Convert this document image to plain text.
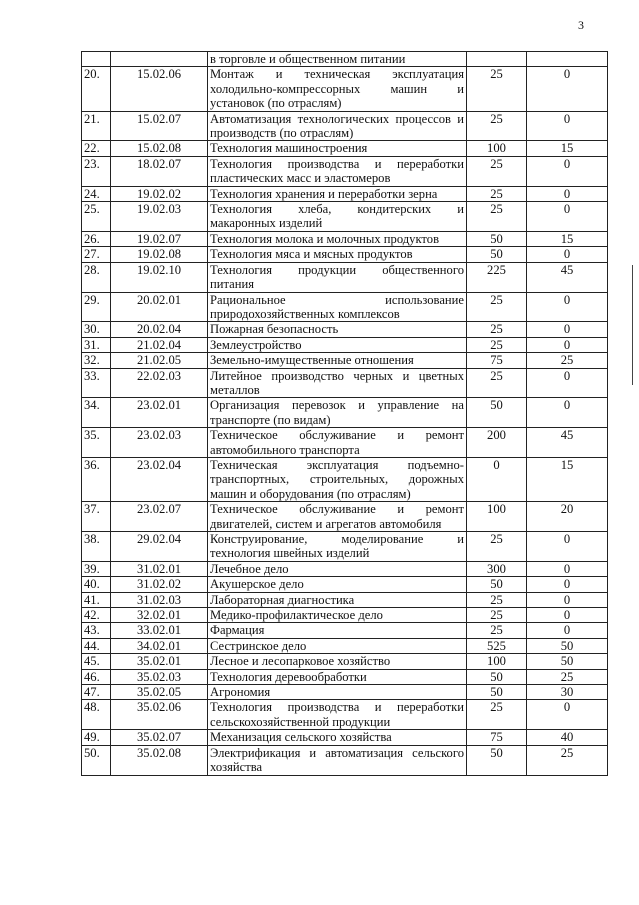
3
		в торговле и общественном питании		
20.	15.02.06	Монтаж и техническая эксплуатация холодильно-компрессорных машин и установок (по отраслям)	25	0
21.	15.02.07	Автоматизация технологических процессов и производств (по отраслям)	25	0
22.	15.02.08	Технология машиностроения	100	15
23.	18.02.07	Технология производства и переработки пластических масс и эластомеров	25	0
24.	19.02.02	Технология хранения и переработки зерна	25	0
25.	19.02.03	Технология хлеба, кондитерских и макаронных изделий	25	0
26.	19.02.07	Технология молока и молочных продуктов	50	15
27.	19.02.08	Технология мяса и мясных продуктов	50	0
28.	19.02.10	Технология продукции общественного питания	225	45
29.	20.02.01	Рациональное использование природохозяйственных комплексов	25	0
30.	20.02.04	Пожарная безопасность	25	0
31.	21.02.04	Землеустройство	25	0
32.	21.02.05	Земельно-имущественные отношения	75	25
33.	22.02.03	Литейное производство черных и цветных металлов	25	0
34.	23.02.01	Организация перевозок и управление на транспорте (по видам)	50	0
35.	23.02.03	Техническое обслуживание и ремонт автомобильного транспорта	200	45
36.	23.02.04	Техническая эксплуатация подъемно-транспортных, строительных, дорожных машин и оборудования (по отраслям)	0	15
37.	23.02.07	Техническое обслуживание и ремонт двигателей, систем и агрегатов автомобиля	100	20
38.	29.02.04	Конструирование, моделирование и технология швейных изделий	25	0
39.	31.02.01	Лечебное дело	300	0
40.	31.02.02	Акушерское дело	50	0
41.	31.02.03	Лабораторная диагностика	25	0
42.	32.02.01	Медико-профилактическое дело	25	0
43.	33.02.01	Фармация	25	0
44.	34.02.01	Сестринское дело	525	50
45.	35.02.01	Лесное и лесопарковое хозяйство	100	50
46.	35.02.03	Технология деревообработки	50	25
47.	35.02.05	Агрономия	50	30
48.	35.02.06	Технология производства и переработки сельскохозяйственной продукции	25	0
49.	35.02.07	Механизация сельского хозяйства	75	40
50.	35.02.08	Электрификация и автоматизация сельского хозяйства	50	25
